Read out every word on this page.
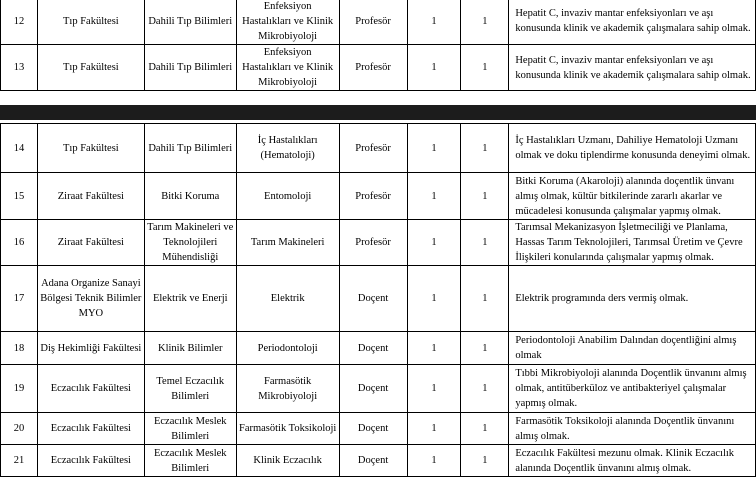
12	Tıp Fakültesi	Dahili Tıp Bilimleri	Enfeksiyon Hastalıkları ve Klinik Mikrobiyoloji	Profesör	1	1	Hepatit C, invaziv mantar enfeksiyonları ve aşı konusunda klinik ve akademik çalışmalara sahip olmak.
13	Tıp Fakültesi	Dahili Tıp Bilimleri	Enfeksiyon Hastalıkları ve Klinik Mikrobiyoloji	Profesör	1	1	Hepatit C, invaziv mantar enfeksiyonları ve aşı konusunda klinik ve akademik çalışmalara sahip olmak.
14	Tıp Fakültesi	Dahili Tıp Bilimleri	İç Hastalıkları (Hematoloji)	Profesör	1	1	İç Hastalıkları Uzmanı, Dahiliye Hematoloji Uzmanı olmak ve doku tiplendirme konusunda deneyimi olmak.
15	Ziraat Fakültesi	Bitki Koruma	Entomoloji	Profesör	1	1	Bitki Koruma (Akaroloji) alanında doçentlik ünvanı almış olmak, kültür bitkilerinde zararlı akarlar ve mücadelesi konusunda çalışmalar yapmış olmak.
16	Ziraat Fakültesi	Tarım Makineleri ve Teknolojileri Mühendisliği	Tarım Makineleri	Profesör	1	1	Tarımsal Mekanizasyon İşletmeciliği ve Planlama, Hassas Tarım Teknolojileri, Tarımsal Üretim ve Çevre İlişkileri konularında çalışmalar yapmış olmak.
17	Adana Organize Sanayi Bölgesi Teknik Bilimler MYO	Elektrik ve Enerji	Elektrik	Doçent	1	1	Elektrik programında ders vermiş olmak.
18	Diş Hekimliği Fakültesi	Klinik Bilimler	Periodontoloji	Doçent	1	1	Periodontoloji Anabilim Dalından doçentliğini almış olmak
19	Eczacılık Fakültesi	Temel Eczacılık Bilimleri	Farmasötik Mikrobiyoloji	Doçent	1	1	Tıbbi Mikrobiyoloji alanında Doçentlik ünvanını almış olmak, antitüberküloz ve antibakteriyel çalışmalar yapmış olmak.
20	Eczacılık Fakültesi	Eczacılık Meslek Bilimleri	Farmasötik Toksikoloji	Doçent	1	1	Farmasötik Toksikoloji alanında Doçentlik ünvanını almış olmak.
21	Eczacılık Fakültesi	Eczacılık Meslek Bilimleri	Klinik Eczacılık	Doçent	1	1	Eczacılık Fakültesi mezunu olmak. Klinik Eczacılık alanında Doçentlik ünvanını almış olmak.
